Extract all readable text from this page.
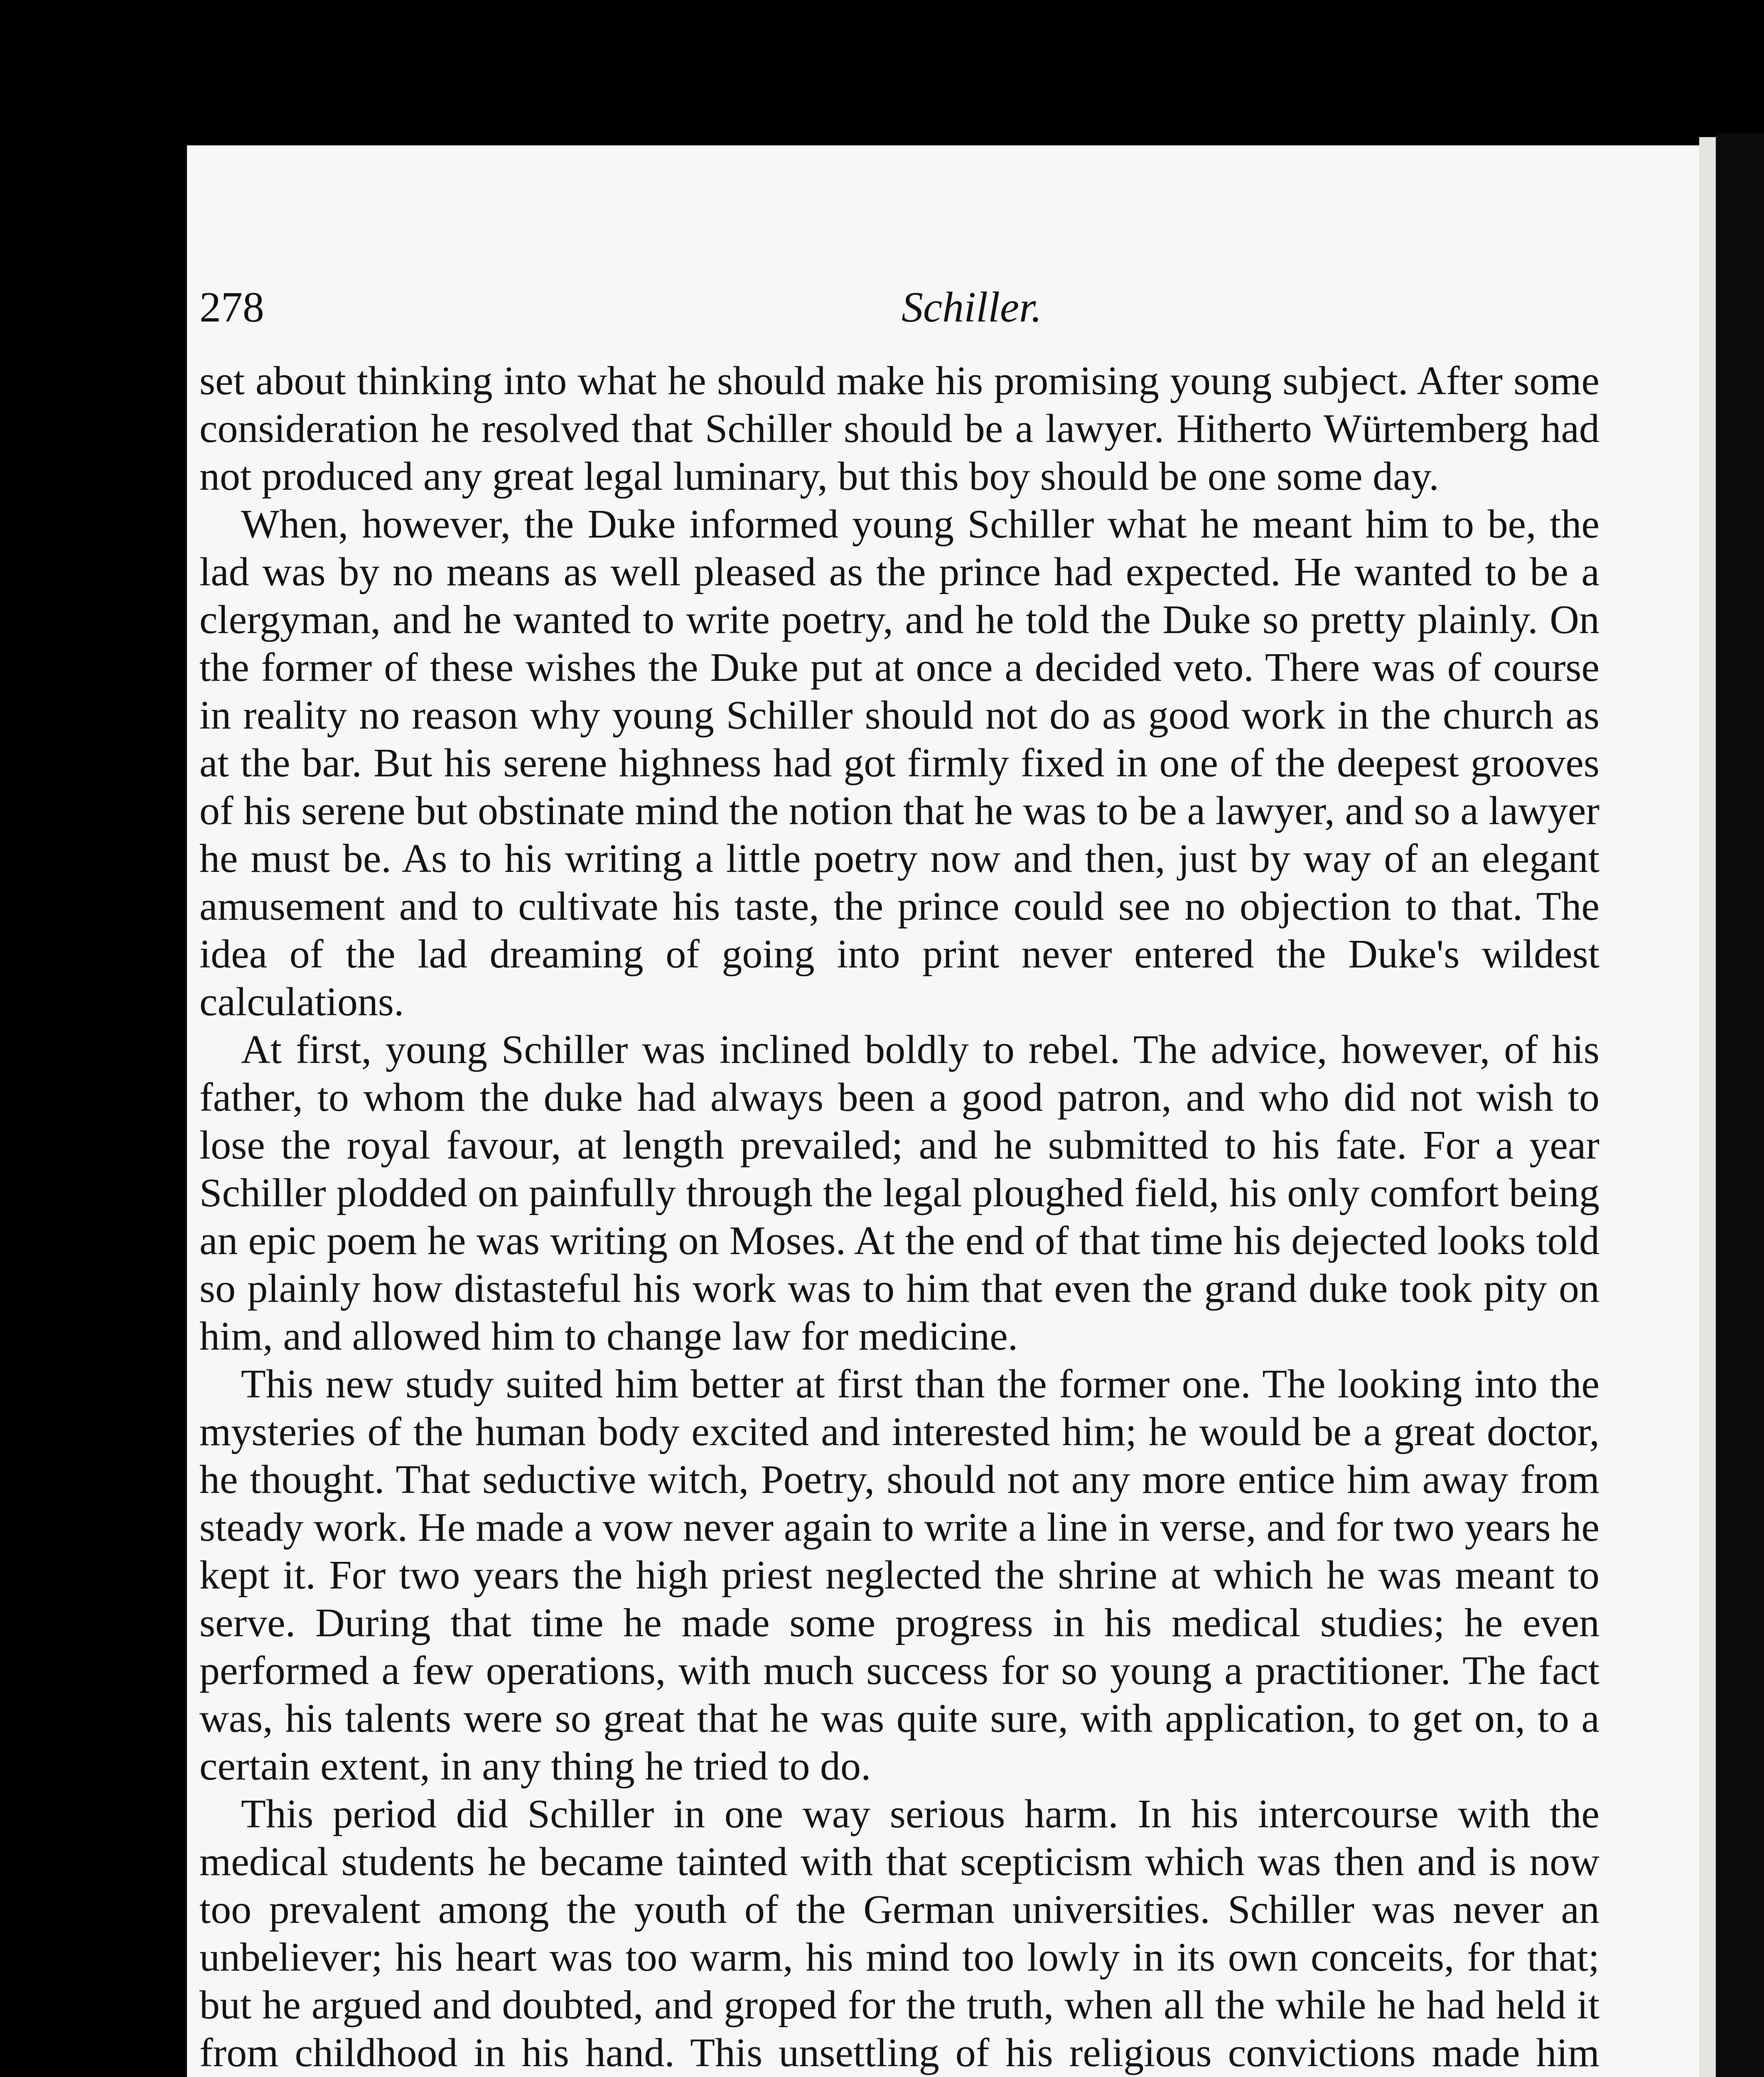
278	Schiller.

set about thinking into what he should make his promising young subject. After some consideration he resolved that Schiller should be a lawyer. Hitherto Würtemberg had not produced any great legal luminary, but this boy should be one some day.

When, however, the Duke informed young Schiller what he meant him to be, the lad was by no means as well pleased as the prince had expected. He wanted to be a clergyman, and he wanted to write poetry, and he told the Duke so pretty plainly. On the former of these wishes the Duke put at once a decided veto. There was of course in reality no reason why young Schiller should not do as good work in the church as at the bar. But his serene highness had got firmly fixed in one of the deepest grooves of his serene but obstinate mind the notion that he was to be a lawyer, and so a lawyer he must be. As to his writing a little poetry now and then, just by way of an elegant amusement and to cultivate his taste, the prince could see no objection to that. The idea of the lad dreaming of going into print never entered the Duke's wildest calculations.

At first, young Schiller was inclined boldly to rebel. The advice, however, of his father, to whom the duke had always been a good patron, and who did not wish to lose the royal favour, at length prevailed; and he submitted to his fate. For a year Schiller plodded on painfully through the legal ploughed field, his only comfort being an epic poem he was writing on Moses. At the end of that time his dejected looks told so plainly how distasteful his work was to him that even the grand duke took pity on him, and allowed him to change law for medicine.

This new study suited him better at first than the former one. The looking into the mysteries of the human body excited and interested him; he would be a great doctor, he thought. That seductive witch, Poetry, should not any more entice him away from steady work. He made a vow never again to write a line in verse, and for two years he kept it. For two years the high priest neglected the shrine at which he was meant to serve. During that time he made some progress in his medical studies; he even performed a few operations, with much success for so young a practitioner. The fact was, his talents were so great that he was quite sure, with application, to get on, to a certain extent, in any thing he tried to do.

This period did Schiller in one way serious harm. In his intercourse with the medical students he became tainted with that scepticism which was then and is now too prevalent among the youth of the German universities. Schiller was never an unbeliever; his heart was too warm, his mind too lowly in its own conceits, for that; but he argued and doubted, and groped for the truth, when all the while he had held it from childhood in his hand. This unsettling of his religious convictions made him
